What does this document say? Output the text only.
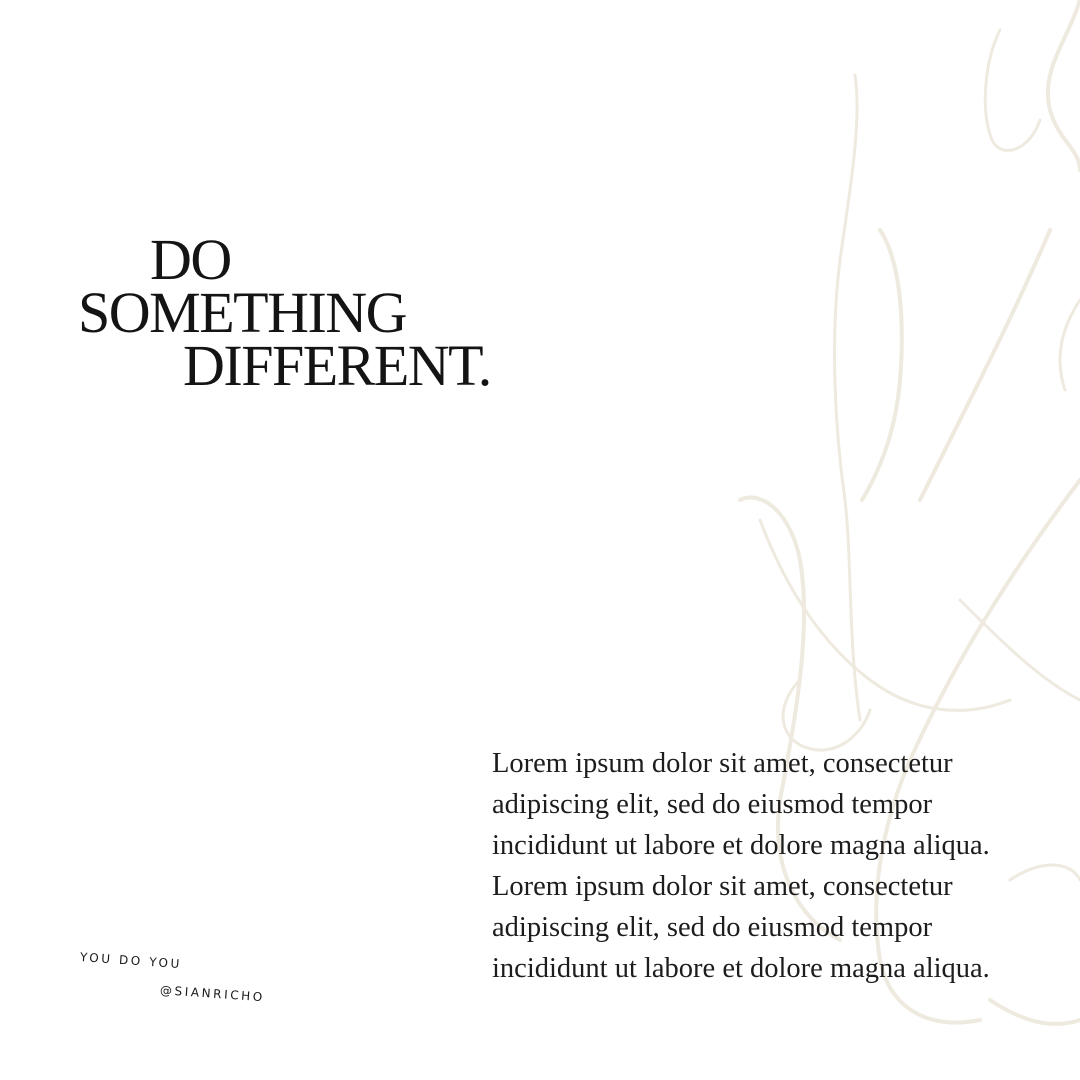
DO
SOMETHING
DIFFERENT.

Lorem ipsum dolor sit amet, consectetur adipiscing elit, sed do eiusmod tempor incididunt ut labore et dolore magna aliqua. Lorem ipsum dolor sit amet, consectetur adipiscing elit, sed do eiusmod tempor incididunt ut labore et dolore magna aliqua.

YOU DO YOU
@SIANRICHO
